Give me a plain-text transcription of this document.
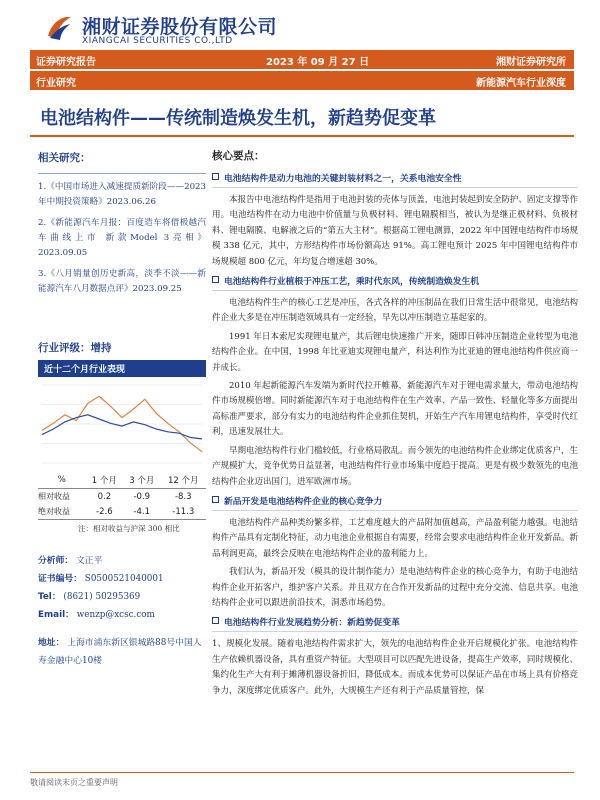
湘财证券股份有限公司
XIANGCAI SECURITIES CO.,LTD
证券研究报告	2023 年 09 月 27 日	湘财证券研究所
行业研究	新能源汽车行业深度
电池结构件——传统制造焕发生机，新趋势促变革
相关研究：
1.《中国市场进入减速提质新阶段——2023 年中期投资策略》2023.06.26
2.《新能源汽车月报：百度造车将借极越汽车曲线上市 新款Model 3亮相》2023.09.05
3.《八月销量创历史新高，淡季不淡——新能源汽车八月数据点评》2023.09.25
行业评级：增持
近十二个月行业表现
%	1 个月	3 个月	12 个月
相对收益	0.2	-0.9	-8.3
绝对收益	-2.6	-4.1	-11.3
注：相对收益与沪深 300 相比
分析师： 文正平
证书编号： S0500521040001
Tel： (8621) 50295369
Email： wenzp@xcsc.com
地址： 上海市浦东新区银城路88号中国人寿金融中心10楼
核心要点：
电池结构件是动力电池的关键封装材料之一，关系电池安全性

本报告中电池结构件是指用于电池封装的壳体与顶盖，电池封装起到安全防护、固定支撑等作用。电池结构件在动力电池中价值量与负极材料、锂电隔膜相当，被认为是继正极材料、负极材料、锂电隔膜、电解液之后的“第五大主材”。根据高工锂电测算，2022 年中国锂电结构件市场规模 338 亿元，其中，方形结构件市场份额高达 91%。高工锂电预计 2025 年中国锂电结构件市场规模超 800 亿元，年均复合增速超 30%。

电池结构件行业植根于冲压工艺，乘时代东风，传统制造焕发生机

电池结构件生产的核心工艺是冲压，各式各样的冲压制品在我们日常生活中很常见，电池结构件企业大多是在冲压制造领域具有一定经验，早先以冲压制造立基起家的。

1991 年日本索尼实现锂电量产，其后锂电快速推广开来，随即日韩冲压制造企业转型为电池结构件企业。在中国，1998 年比亚迪实现锂电量产，科达利作为比亚迪的锂电池结构件供应商一并成长。

2010 年起新能源汽车发端为新时代拉开帷幕，新能源汽车对于锂电需求量大，带动电池结构件市场规模倍增。同时新能源汽车对于电池结构件在生产效率、产品一致性、轻量化等多方面提出高标准严要求，部分有实力的电池结构件企业抓住契机，开始生产汽车用锂电结构件，享受时代红利，迅速发展壮大。

早期电池结构件行业门槛较低，行业格局散乱。而今领先的电池结构件企业绑定优质客户，生产规模扩大，竞争优势日益显著，电池结构件行业市场集中度趋于提高。更是有极少数领先的电池结构件企业迈出国门，进军欧洲市场。

新品开发是电池结构件企业的核心竞争力

电池结构件产品种类纷繁多样，工艺难度越大的产品附加值越高，产品盈利能力越强。电池结构件产品具有定制化特征，动力电池企业根据自有需要，经常会要求电池结构件企业开发新品。新品利润更高，最终会反映在电池结构件企业的盈利能力上。

我们认为，新品开发（模具的设计制作能力）是电池结构件企业的核心竞争力，有助于电池结构件企业开拓客户，维护客户关系。并且双方在合作开发新品的过程中充分交流、信息共享。电池结构件企业可以跟进前沿技术，洞悉市场趋势。

电池结构件行业发展趋势分析：新趋势促变革

1、规模化发展。随着电池结构件需求扩大，领先的电池结构件企业开启规模化扩张。电池结构件生产依赖机器设备，具有重资产特征。大型项目可以匹配先进设备，提高生产效率，同时规模化、集约化生产大有利于摊薄机器设备折旧，降低成本。而成本优势可以保证产品在市场上具有价格竞争力，深度绑定优质客户。此外，大规模生产还有利于产品质量管控，保

敬请阅读末页之重要声明
